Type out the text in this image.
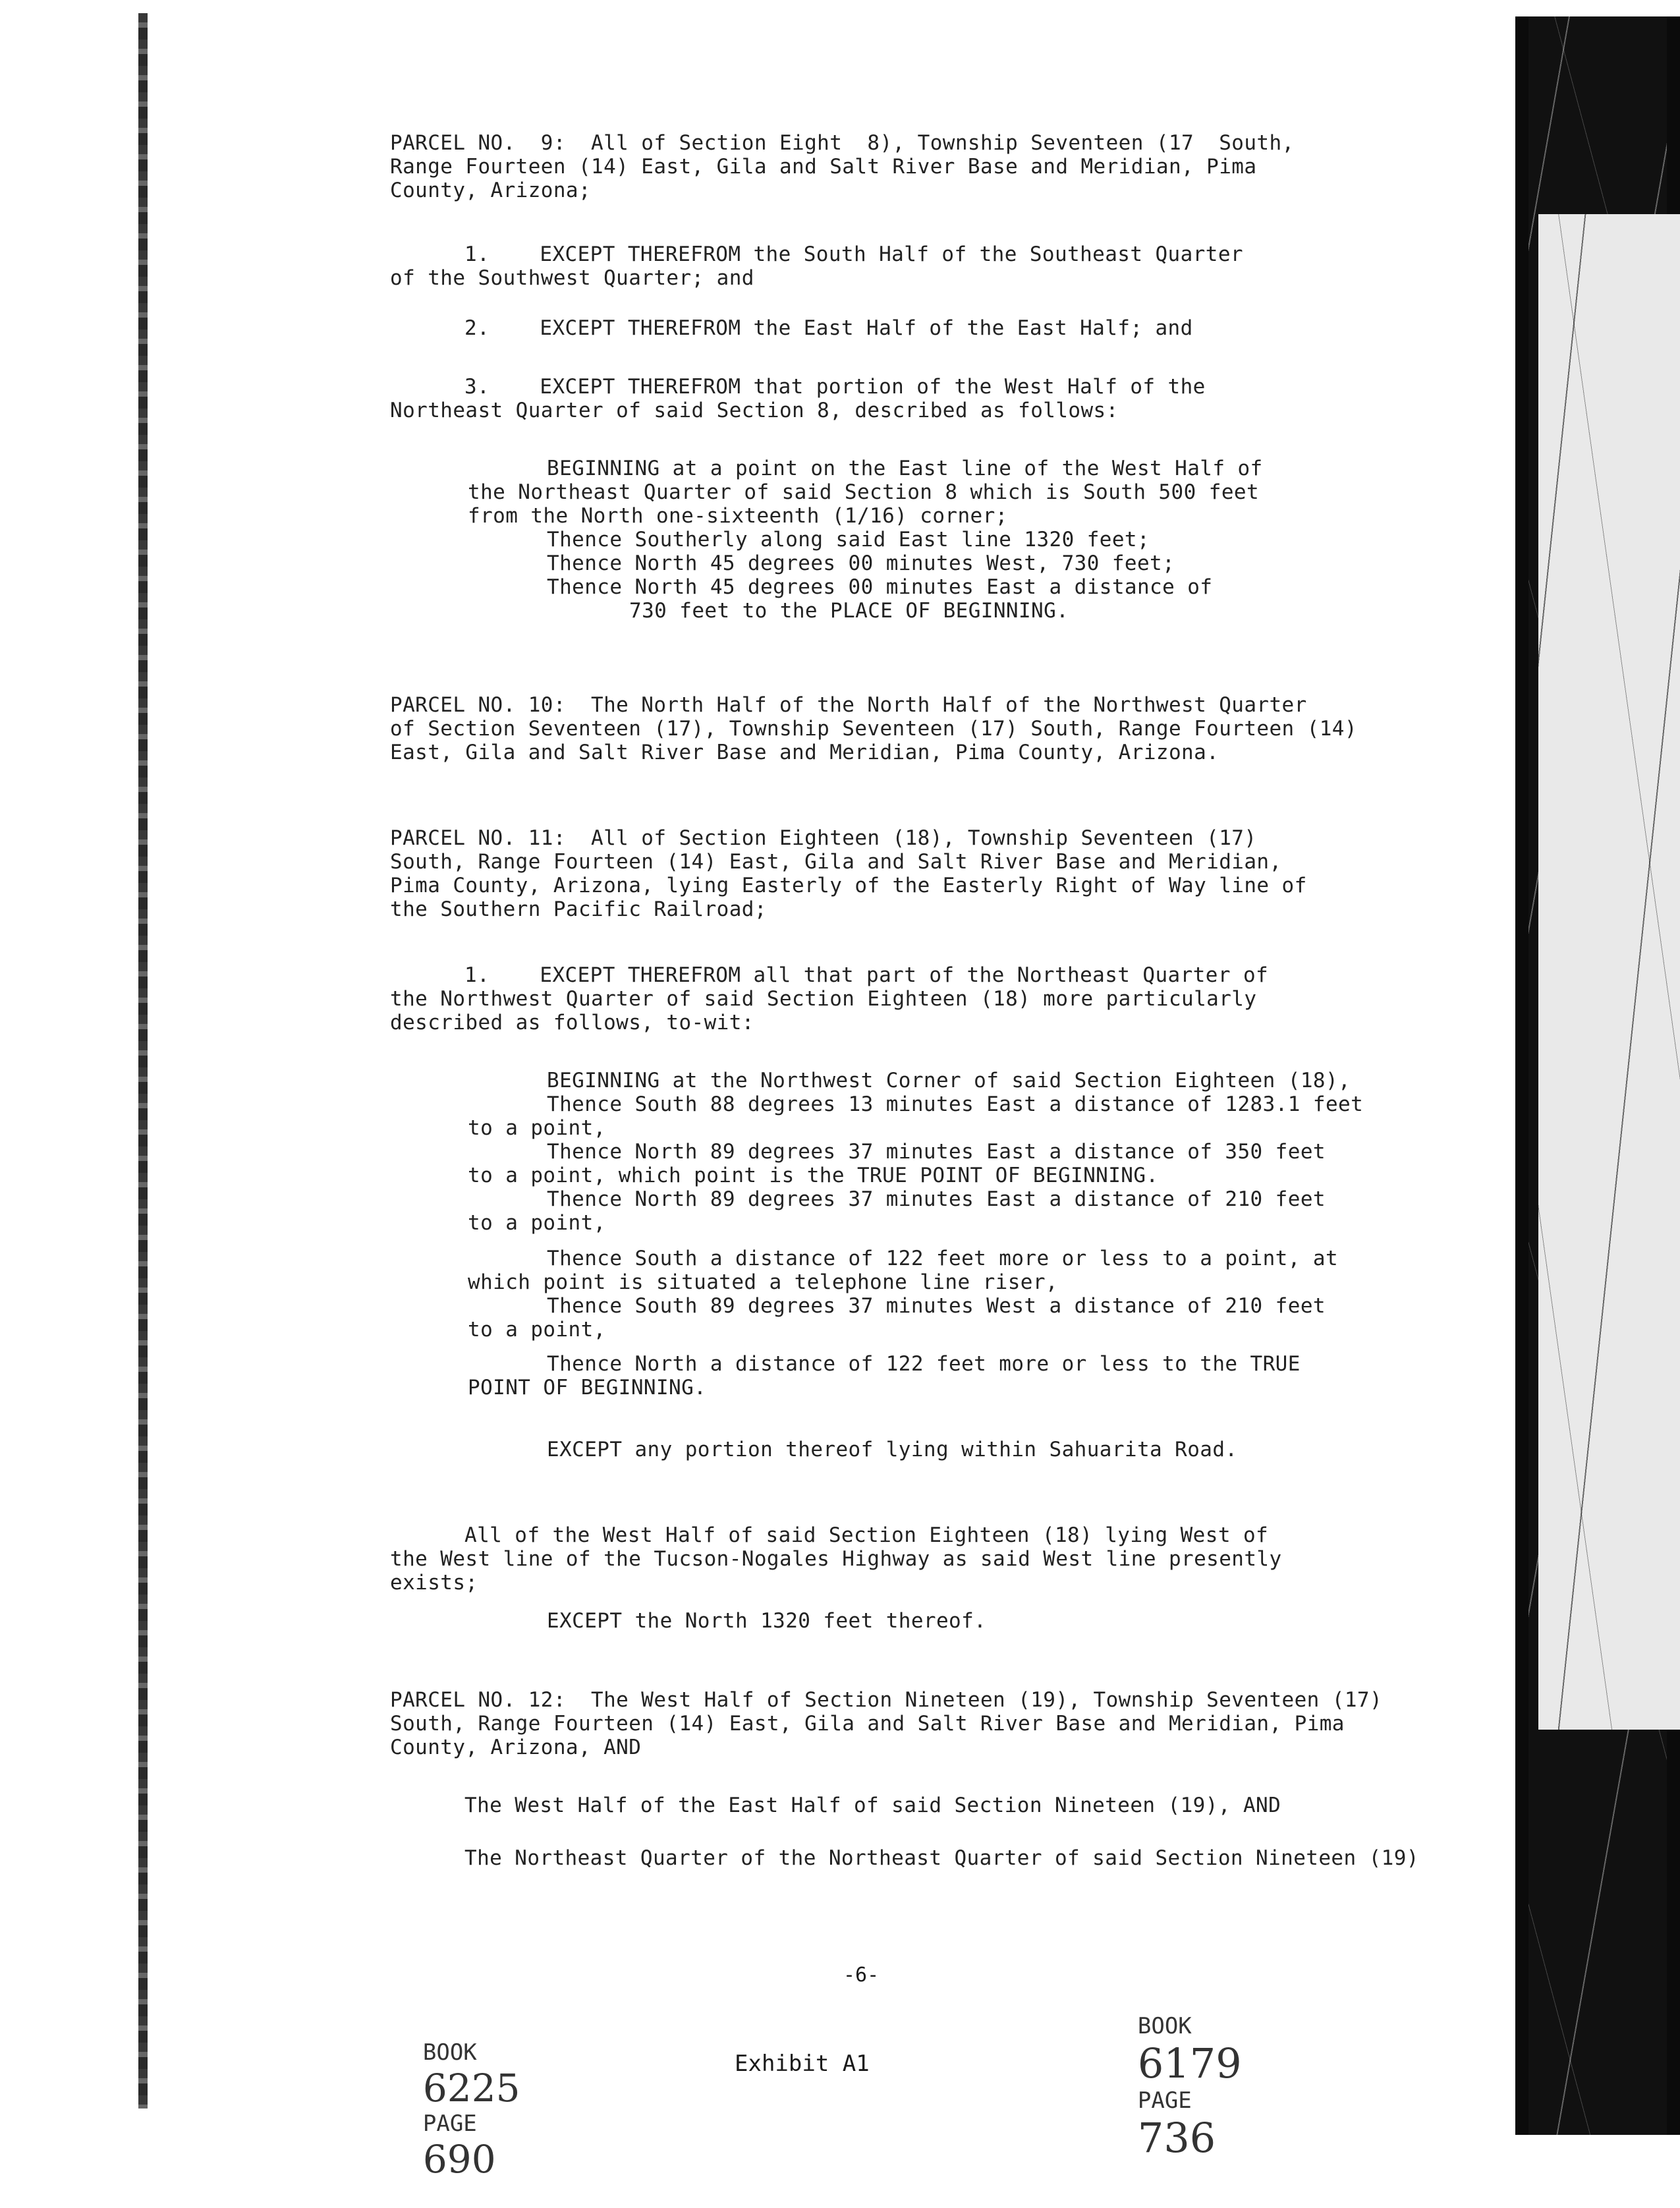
PARCEL NO.  9:  All of Section Eight  8), Township Seventeen (17  South,
Range Fourteen (14) East, Gila and Salt River Base and Meridian, Pima
County, Arizona;
1.    EXCEPT THEREFROM the South Half of the Southeast Quarter
of the Southwest Quarter; and
2.    EXCEPT THEREFROM the East Half of the East Half; and
3.    EXCEPT THEREFROM that portion of the West Half of the
Northeast Quarter of said Section 8, described as follows:
BEGINNING at a point on the East line of the West Half of
the Northeast Quarter of said Section 8 which is South 500 feet
from the North one-sixteenth (1/16) corner;
Thence Southerly along said East line 1320 feet;
Thence North 45 degrees 00 minutes West, 730 feet;
Thence North 45 degrees 00 minutes East a distance of
730 feet to the PLACE OF BEGINNING.
PARCEL NO. 10:  The North Half of the North Half of the Northwest Quarter
of Section Seventeen (17), Township Seventeen (17) South, Range Fourteen (14)
East, Gila and Salt River Base and Meridian, Pima County, Arizona.
PARCEL NO. 11:  All of Section Eighteen (18), Township Seventeen (17)
South, Range Fourteen (14) East, Gila and Salt River Base and Meridian,
Pima County, Arizona, lying Easterly of the Easterly Right of Way line of
the Southern Pacific Railroad;
1.    EXCEPT THEREFROM all that part of the Northeast Quarter of
the Northwest Quarter of said Section Eighteen (18) more particularly
described as follows, to-wit:
BEGINNING at the Northwest Corner of said Section Eighteen (18),
Thence South 88 degrees 13 minutes East a distance of 1283.1 feet
to a point,
Thence North 89 degrees 37 minutes East a distance of 350 feet
to a point, which point is the TRUE POINT OF BEGINNING.
Thence North 89 degrees 37 minutes East a distance of 210 feet
to a point,
Thence South a distance of 122 feet more or less to a point, at
which point is situated a telephone line riser,
Thence South 89 degrees 37 minutes West a distance of 210 feet
to a point,
Thence North a distance of 122 feet more or less to the TRUE
POINT OF BEGINNING.
EXCEPT any portion thereof lying within Sahuarita Road.
All of the West Half of said Section Eighteen (18) lying West of
the West line of the Tucson-Nogales Highway as said West line presently
exists;
EXCEPT the North 1320 feet thereof.
PARCEL NO. 12:  The West Half of Section Nineteen (19), Township Seventeen (17)
South, Range Fourteen (14) East, Gila and Salt River Base and Meridian, Pima
County, Arizona, AND
The West Half of the East Half of said Section Nineteen (19), AND
The Northeast Quarter of the Northeast Quarter of said Section Nineteen (19)
-6-

BOOK
6225
PAGE
690

Exhibit A1

BOOK
6179
PAGE
736
